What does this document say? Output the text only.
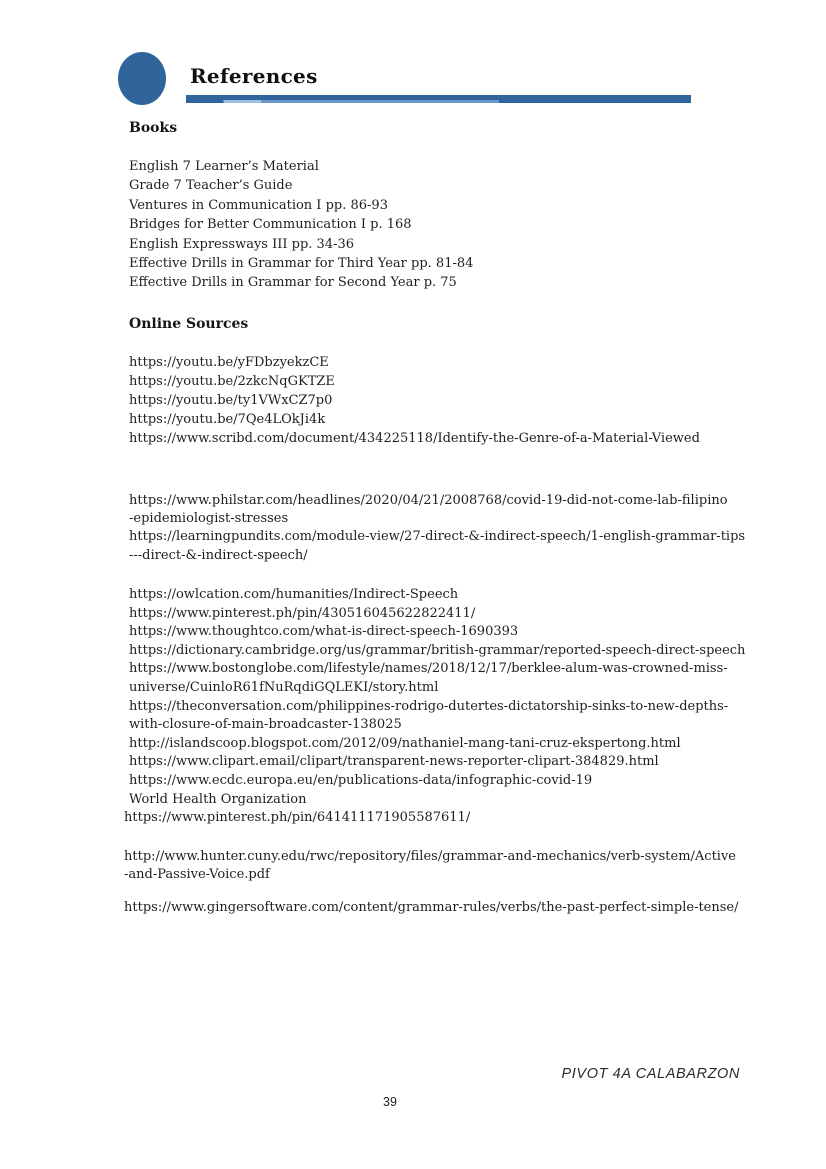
References
Books
English 7 Learner’s Material
Grade 7 Teacher’s Guide
Ventures in Communication I pp. 86-93
Bridges for Better Communication I p. 168
English Expressways III pp. 34-36
Effective Drills in Grammar for Third Year pp. 81-84
Effective Drills in Grammar for Second Year p. 75
Online Sources
https://youtu.be/yFDbzyekzCE
https://youtu.be/2zkcNqGKTZE
https://youtu.be/ty1VWxCZ7p0
https://youtu.be/7Qe4LOkJi4k
https://www.scribd.com/document/434225118/Identify-the-Genre-of-a-Material-Viewed
https://www.philstar.com/headlines/2020/04/21/2008768/covid-19-did-not-come-lab-filipino
-epidemiologist-stresses
https://learningpundits.com/module-view/27-direct-&-indirect-speech/1-english-grammar-tips
---direct-&-indirect-speech/
https://owlcation.com/humanities/Indirect-Speech
https://www.pinterest.ph/pin/430516045622822411/
https://www.thoughtco.com/what-is-direct-speech-1690393
https://dictionary.cambridge.org/us/grammar/british-grammar/reported-speech-direct-speech
https://www.bostonglobe.com/lifestyle/names/2018/12/17/berklee-alum-was-crowned-miss-
universe/CuinloR61fNuRqdiGQLEKI/story.html
https://theconversation.com/philippines-rodrigo-dutertes-dictatorship-sinks-to-new-depths-
with-closure-of-main-broadcaster-138025
http://islandscoop.blogspot.com/2012/09/nathaniel-mang-tani-cruz-ekspertong.html
https://www.clipart.email/clipart/transparent-news-reporter-clipart-384829.html
https://www.ecdc.europa.eu/en/publications-data/infographic-covid-19
World Health Organization
https://www.pinterest.ph/pin/641411171905587611/
http://www.hunter.cuny.edu/rwc/repository/files/grammar-and-mechanics/verb-system/Active
-and-Passive-Voice.pdf
https://www.gingersoftware.com/content/grammar-rules/verbs/the-past-perfect-simple-tense/
PIVOT 4A CALABARZON
39
